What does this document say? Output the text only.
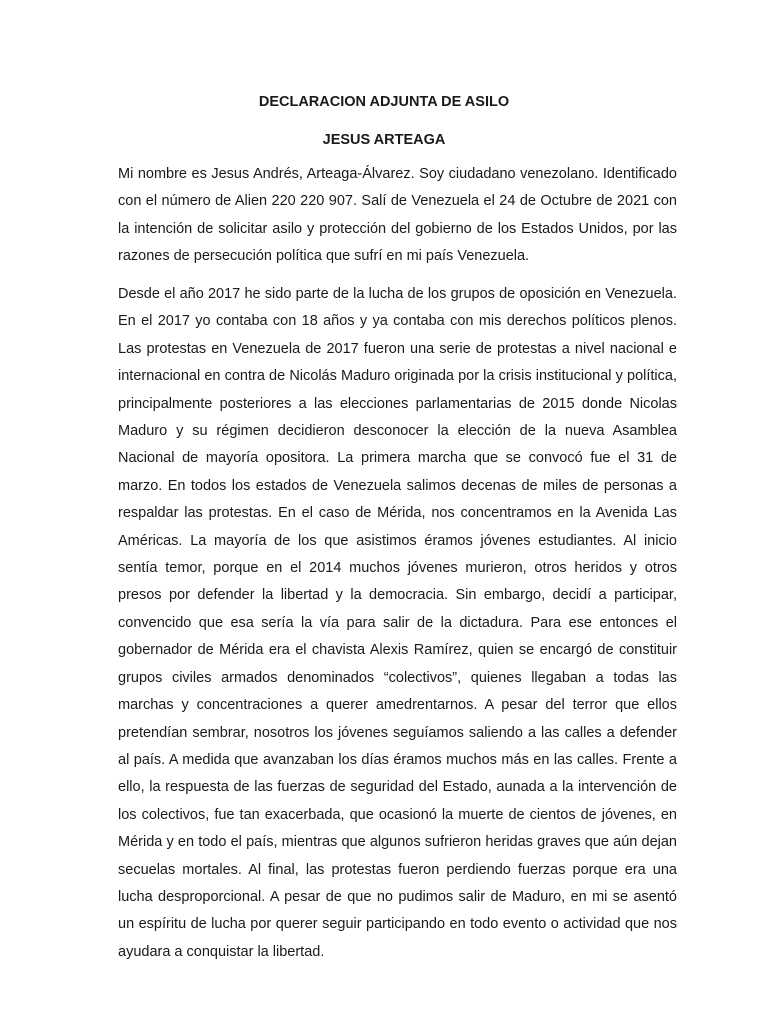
DECLARACION ADJUNTA DE ASILO
JESUS ARTEAGA

Mi nombre es Jesus Andrés, Arteaga-Álvarez. Soy ciudadano venezolano. Identificado con el número de Alien 220 220 907. Salí de Venezuela el 24 de Octubre de 2021 con la intención de solicitar asilo y protección del gobierno de los Estados Unidos, por las razones de persecución política que sufrí en mi país Venezuela.

Desde el año 2017 he sido parte de la lucha de los grupos de oposición en Venezuela. En el 2017 yo contaba con 18 años y ya contaba con mis derechos políticos plenos. Las protestas en Venezuela de 2017 fueron una serie de protestas a nivel nacional e internacional en contra de Nicolás Maduro originada por la crisis institucional y política, principalmente posteriores a las elecciones parlamentarias de 2015 donde Nicolas Maduro y su régimen decidieron desconocer la elección de la nueva Asamblea Nacional de mayoría opositora. La primera marcha que se convocó fue el 31 de marzo. En todos los estados de Venezuela salimos decenas de miles de personas a respaldar las protestas. En el caso de Mérida, nos concentramos en la Avenida Las Américas. La mayoría de los que asistimos éramos jóvenes estudiantes. Al inicio sentía temor, porque en el 2014 muchos jóvenes murieron, otros heridos y otros presos por defender la libertad y la democracia. Sin embargo, decidí a participar, convencido que esa sería la vía para salir de la dictadura. Para ese entonces el gobernador de Mérida era el chavista Alexis Ramírez, quien se encargó de constituir grupos civiles armados denominados “colectivos”, quienes llegaban a todas las marchas y concentraciones a querer amedrentarnos. A pesar del terror que ellos pretendían sembrar, nosotros los jóvenes seguíamos saliendo a las calles a defender al país. A medida que avanzaban los días éramos muchos más en las calles. Frente a ello, la respuesta de las fuerzas de seguridad del Estado, aunada a la intervención de los colectivos, fue tan exacerbada, que ocasionó la muerte de cientos de jóvenes, en Mérida y en todo el país, mientras que algunos sufrieron heridas graves que aún dejan secuelas mortales. Al final, las protestas fueron perdiendo fuerzas porque era una lucha desproporcional. A pesar de que no pudimos salir de Maduro, en mi se asentó un espíritu de lucha por querer seguir participando en todo evento o actividad que nos ayudara a conquistar la libertad.
